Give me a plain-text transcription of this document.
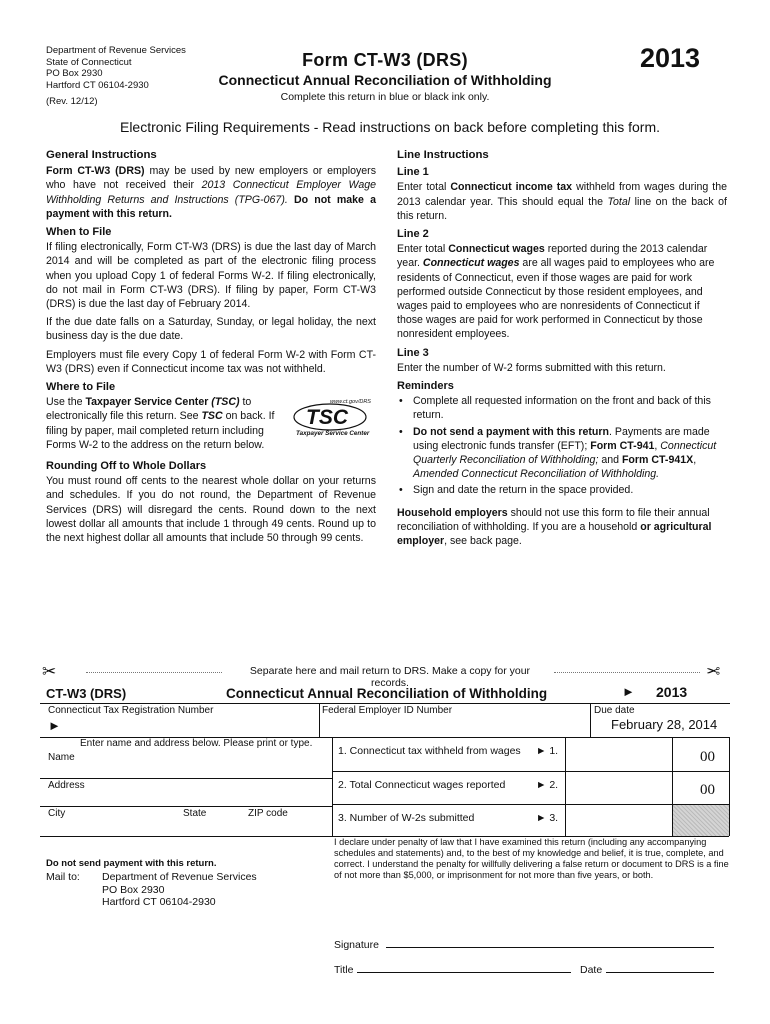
Department of Revenue Services
State of Connecticut
PO Box 2930
Hartford CT 06104-2930
(Rev. 12/12)
Form CT-W3 (DRS)
Connecticut Annual Reconciliation of Withholding
Complete this return in blue or black ink only.
2013
Electronic Filing Requirements - Read instructions on back before completing this form.
General Instructions

Form CT-W3 (DRS) may be used by new employers or employers who have not received their 2013 Connecticut Employer Wage Withholding Returns and Instructions (TPG-067). Do not make a payment with this return.

When to File

If filing electronically, Form CT-W3 (DRS) is due the last day of March 2014 and will be completed as part of the electronic filing process when you upload Copy 1 of federal Forms W-2. If filing electronically, do not mail in Form CT-W3 (DRS). If filing by paper, Form CT-W3 (DRS) is due the last day of February 2014.

If the due date falls on a Saturday, Sunday, or legal holiday, the next business day is the due date.

Employers must file every Copy 1 of federal Form W-2 with Form CT-W3 (DRS) even if Connecticut income tax was not withheld.

Where to File

Use the Taxpayer Service Center (TSC) to electronically file this return. See TSC on back. If filing by paper, mail completed return including Forms W-2 to the address on the return below.

www.ct.gov/DRS
TSC
Taxpayer Service Center
Rounding Off to Whole Dollars

You must round off cents to the nearest whole dollar on your returns and schedules. If you do not round, the Department of Revenue Services (DRS) will disregard the cents. Round down to the next lowest dollar all amounts that include 1 through 49 cents. Round up to the next highest dollar all amounts that include 50 through 99 cents.

Line Instructions
Line 1

Enter total Connecticut income tax withheld from wages during the 2013 calendar year. This should equal the Total line on the back of this return.

Line 2

Enter total Connecticut wages reported during the 2013 calendar year. Connecticut wages are all wages paid to employees who are residents of Connecticut, even if those wages are paid for work performed outside Connecticut by those resident employees, and wages paid to employees who are nonresidents of Connecticut if those wages are paid for work performed in Connecticut by those nonresident employees.

Line 3

Enter the number of W-2 forms submitted with this return.

Reminders
• Complete all requested information on the front and back of this return.
• Do not send a payment with this return. Payments are made using electronic funds transfer (EFT); Form CT-941, Connecticut Quarterly Reconciliation of Withholding; and Form CT-941X, Amended Connecticut Reconciliation of Withholding.
• Sign and date the return in the space provided.

Household employers should not use this form to file their annual reconciliation of withholding. If you are a household or agricultural employer, see back page.

✂	Separate here and mail return to DRS. Make a copy for your records.
✂
CT-W3 (DRS)	Connecticut Annual Reconciliation of Withholding	► 2013
Connecticut Tax Registration Number
►
Federal Employer ID Number	Due date
February 28, 2014
Enter name and address below. Please print or type.
Name
Address
City	State	ZIP code
1. Connecticut tax withheld from wages ► 1.	00
2. Total Connecticut wages reported	► 2.	00
3. Number of W-2s submitted	► 3.
I declare under penalty of law that I have examined this return (including any accompanying schedules and statements) and, to the best of my knowledge and belief, it is true, complete, and correct. I understand the penalty for willfully delivering a false return or document to DRS is a fine of not more than $5,000, or imprisonment for not more than five years, or both.
Do not send payment with this return.
Mail to: Department of Revenue Services
PO Box 2930
Hartford CT 06104-2930
Signature
Title	Date
